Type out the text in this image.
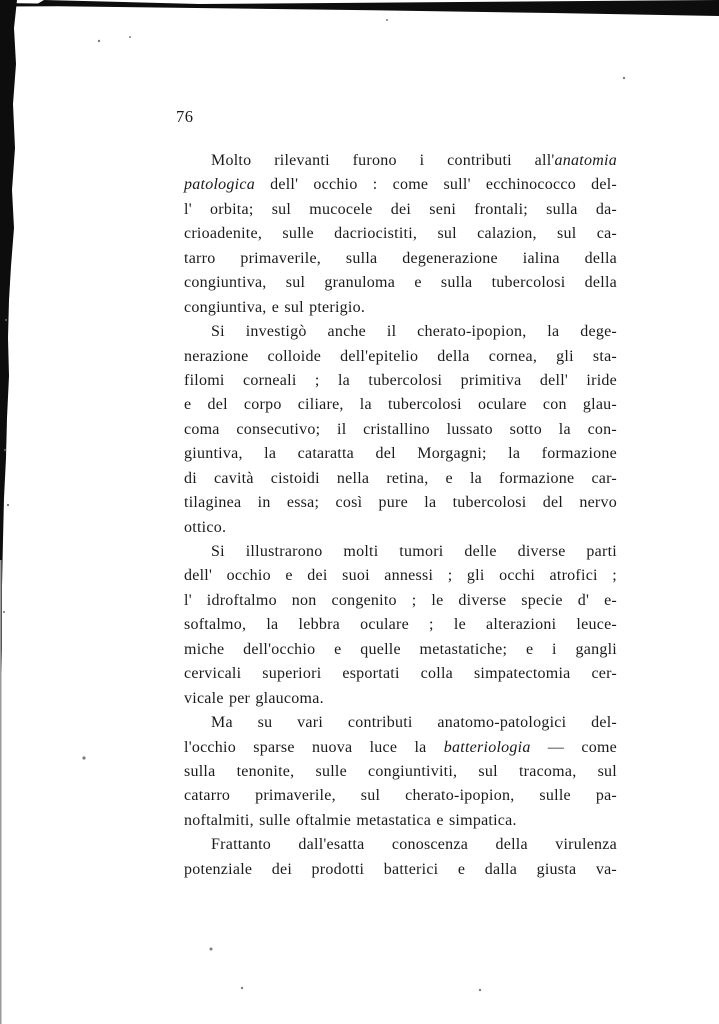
76
Molto rilevanti furono i contributi all'anatomia
patologica dell' occhio : come sull' ecchinococco del-
l' orbita; sul mucocele dei seni frontali; sulla da-
crioadenite, sulle dacriocistiti, sul calazion, sul ca-
tarro primaverile, sulla degenerazione ialina della
congiuntiva, sul granuloma e sulla tubercolosi della
congiuntiva, e sul pterigio.
Si investigò anche il cherato-ipopion, la dege-
nerazione colloide dell'epitelio della cornea, gli sta-
filomi corneali ; la tubercolosi primitiva dell' iride
e del corpo ciliare, la tubercolosi oculare con glau-
coma consecutivo; il cristallino lussato sotto la con-
giuntiva, la cataratta del Morgagni; la formazione
di cavità cistoidi nella retina, e la formazione car-
tilaginea in essa; così pure la tubercolosi del nervo
ottico.
Si illustrarono molti tumori delle diverse parti
dell' occhio e dei suoi annessi ; gli occhi atrofici ;
l' idroftalmo non congenito ; le diverse specie d' e-
softalmo, la lebbra oculare ; le alterazioni leuce-
miche dell'occhio e quelle metastatiche; e i gangli
cervicali superiori esportati colla simpatectomia cer-
vicale per glaucoma.
Ma su vari contributi anatomo-patologici del-
l'occhio sparse nuova luce la batteriologia — come
sulla tenonite, sulle congiuntiviti, sul tracoma, sul
catarro primaverile, sul cherato-ipopion, sulle pa-
noftalmiti, sulle oftalmie metastatica e simpatica.
Frattanto dall'esatta conoscenza della virulenza
potenziale dei prodotti batterici e dalla giusta va-
